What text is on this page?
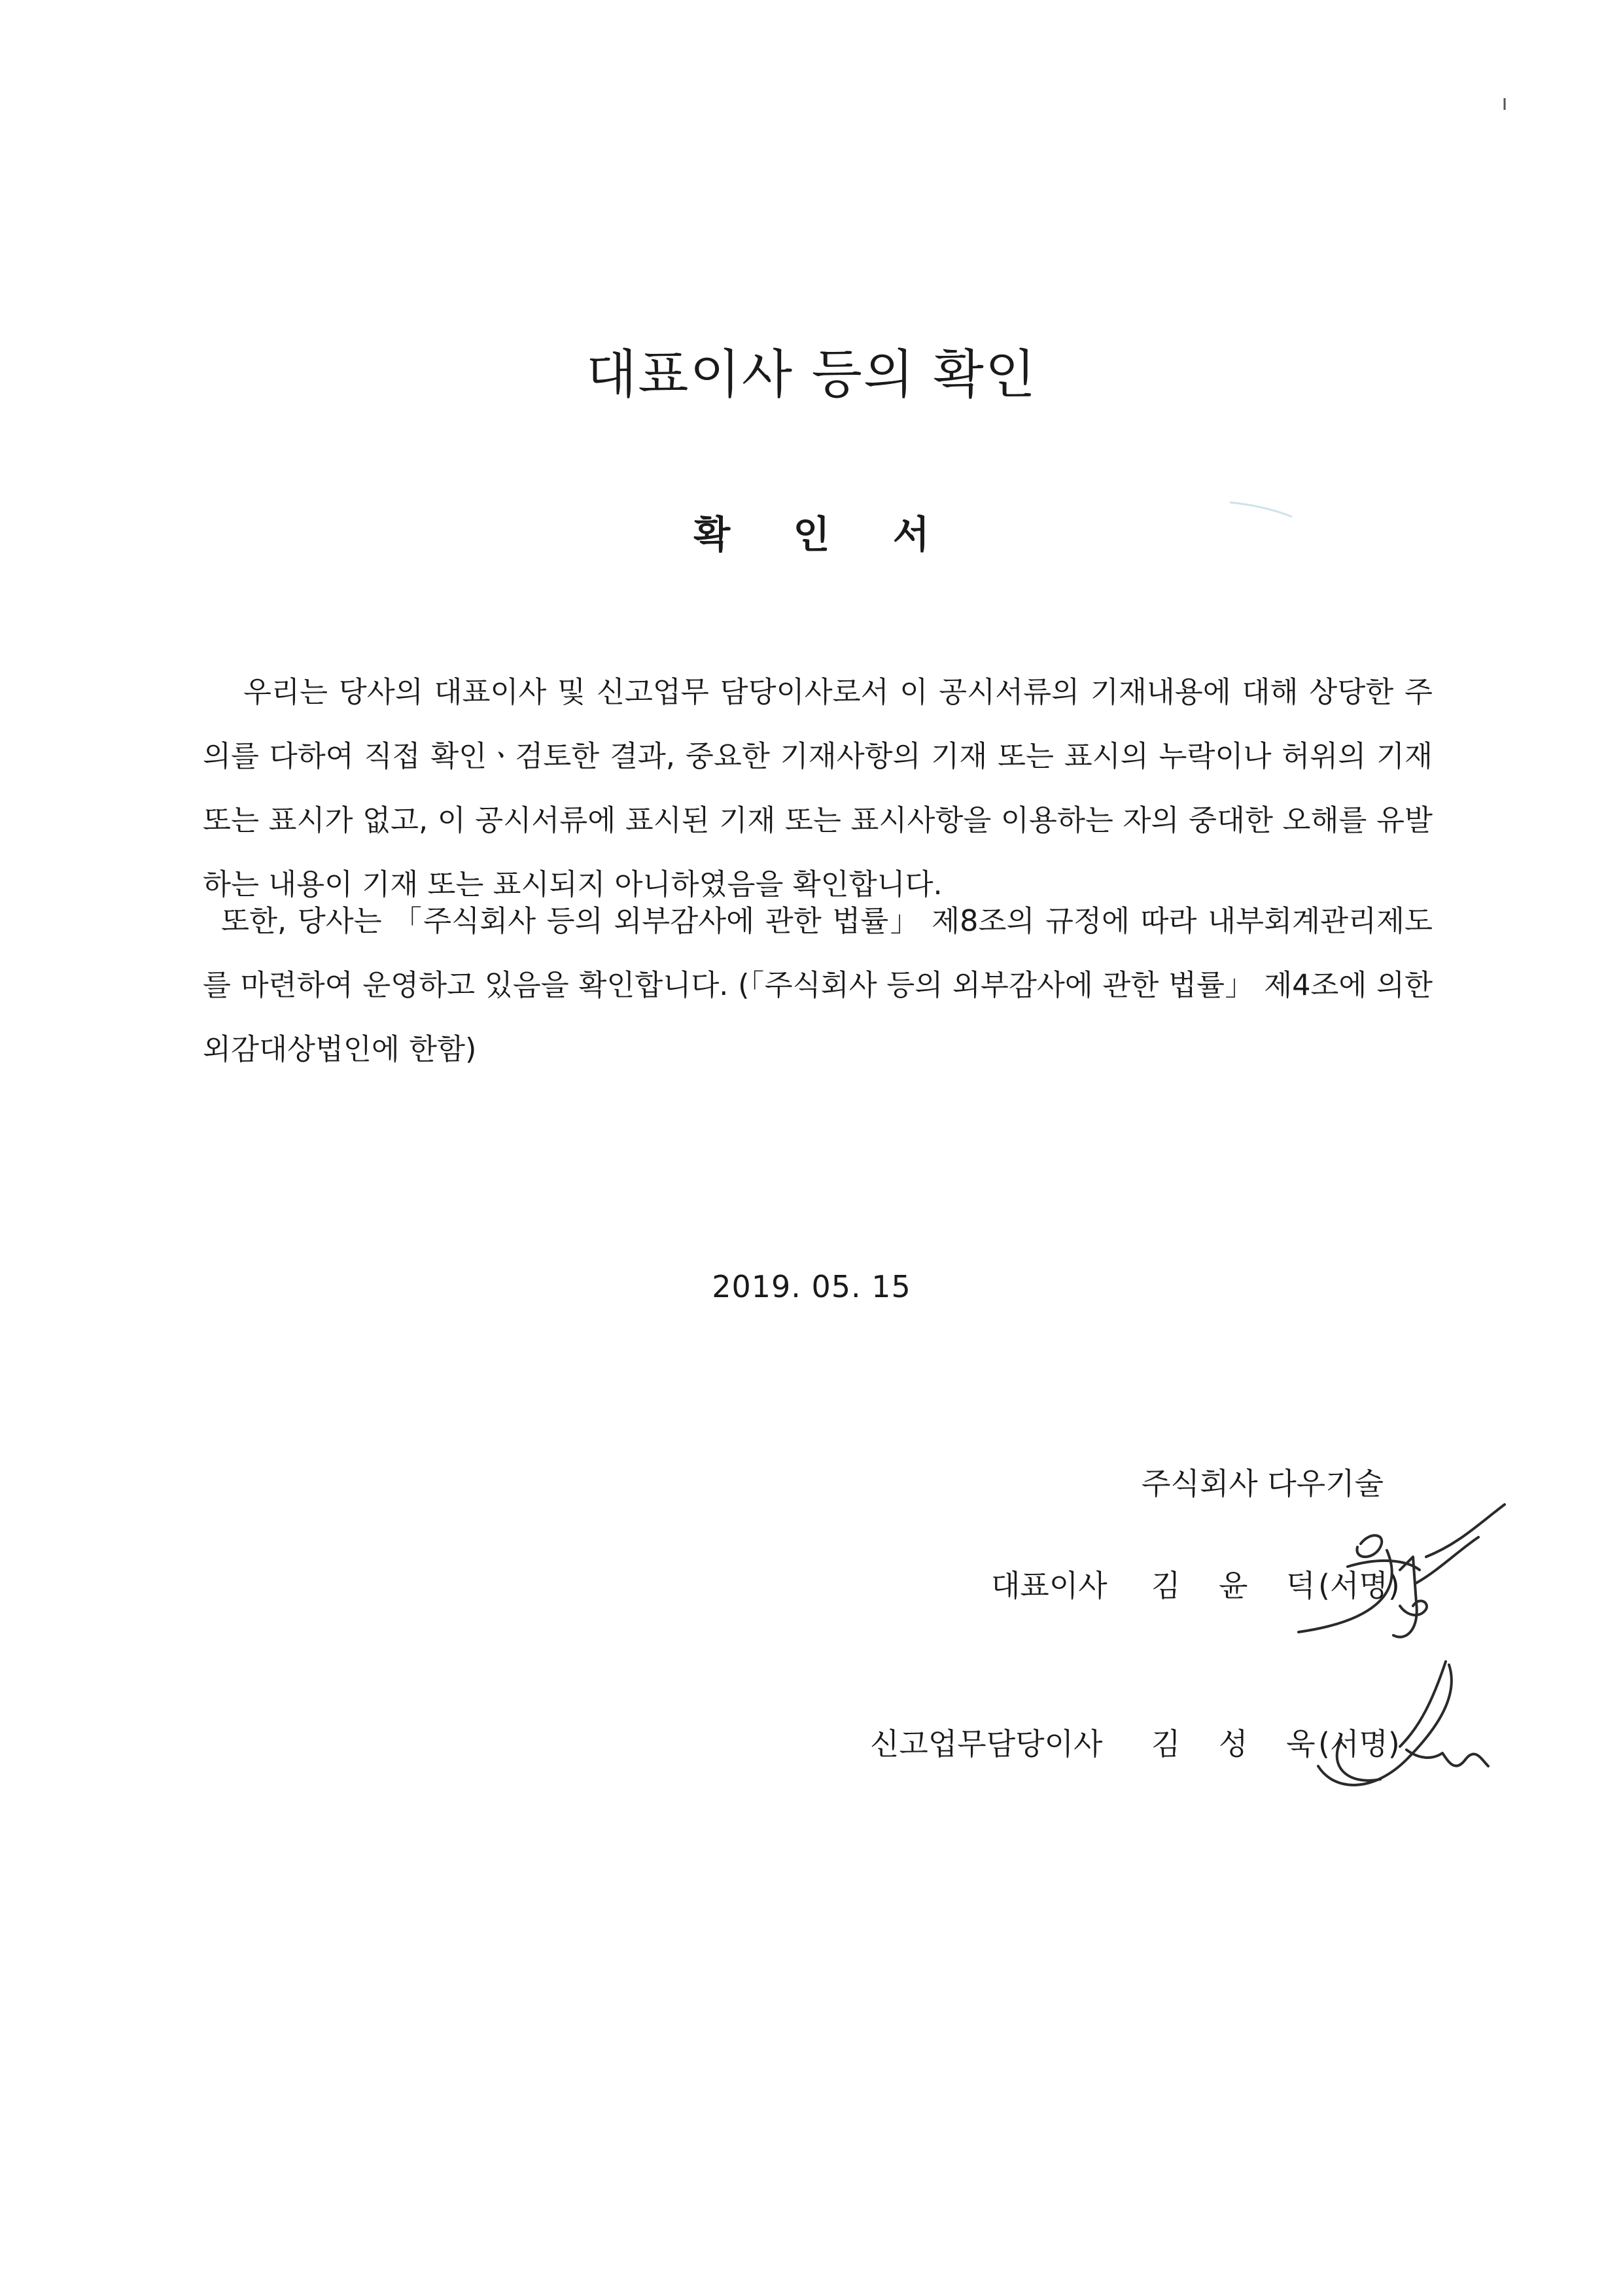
대표이사 등의 확인
확 인 서

우리는 당사의 대표이사 및 신고업무 담당이사로서 이 공시서류의 기재내용에 대해 상당한 주의를 다하여 직접 확인ㆍ검토한 결과, 중요한 기재사항의 기재 또는 표시의 누락이나 허위의 기재 또는 표시가 없고, 이 공시서류에 표시된 기재 또는 표시사항을 이용하는 자의 중대한 오해를 유발하는 내용이 기재 또는 표시되지 아니하였음을 확인합니다.

또한, 당사는 「주식회사 등의 외부감사에 관한 법률」 제8조의 규정에 따라 내부회계관리제도를 마련하여 운영하고 있음을 확인합니다. (「주식회사 등의 외부감사에 관한 법률」 제4조에 의한 외감대상법인에 한함)

2019. 05. 15
주식회사 다우기술
대표이사 김 윤 덕
(서명)
신고업무담당이사 김 성 욱
(서명)
